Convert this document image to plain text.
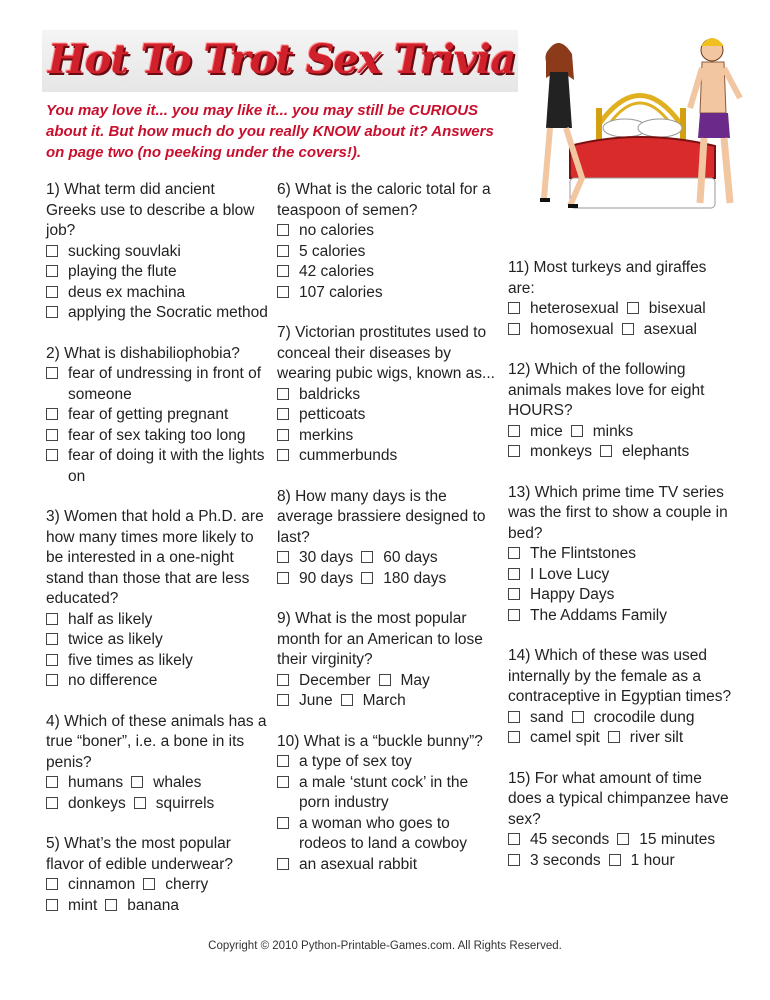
Hot To Trot Sex Trivia
You may love it... you may like it... you may still be CURIOUS about it. But how much do you really KNOW about it? Answers on page two (no peeking under the covers!).
1) What term did ancient Greeks use to describe a blow job?
sucking souvlaki
playing the flute
deus ex machina
applying the Socratic method
2) What is dishabiliophobia?
fear of undressing in front of someone
fear of getting pregnant
fear of sex taking too long
fear of doing it with the lights on
3) Women that hold a Ph.D. are how many times more likely to be interested in a one-night stand than those that are less educated?
half as likely
twice as likely
five times as likely
no difference
4) Which of these animals has a true “boner”, i.e. a bone in its penis?
humans whales
donkeys squirrels
5) What’s the most popular flavor of edible underwear?
cinnamon cherry
mint banana
6) What is the caloric total for a teaspoon of semen?
no calories
5 calories
42 calories
107 calories
7) Victorian prostitutes used to conceal their diseases by wearing pubic wigs, known as...
baldricks
petticoats
merkins
cummerbunds
8) How many days is the average brassiere designed to last?
30 days 60 days
90 days 180 days
9) What is the most popular month for an American to lose their virginity?
December May
June March
10) What is a “buckle bunny”?
a type of sex toy
a male ‘stunt cock’ in the porn industry
a woman who goes to rodeos to land a cowboy
an asexual rabbit
11) Most turkeys and giraffes are:
heterosexual bisexual
homosexual asexual
12) Which of the following animals makes love for eight HOURS?
mice minks
monkeys elephants
13) Which prime time TV series was the first to show a couple in bed?
The Flintstones
I Love Lucy
Happy Days
The Addams Family
14) Which of these was used internally by the female as a contraceptive in Egyptian times?
sand crocodile dung
camel spit river silt
15) For what amount of time does a typical chimpanzee have sex?
45 seconds 15 minutes
3 seconds 1 hour
Copyright © 2010 Python-Printable-Games.com. All Rights Reserved.
